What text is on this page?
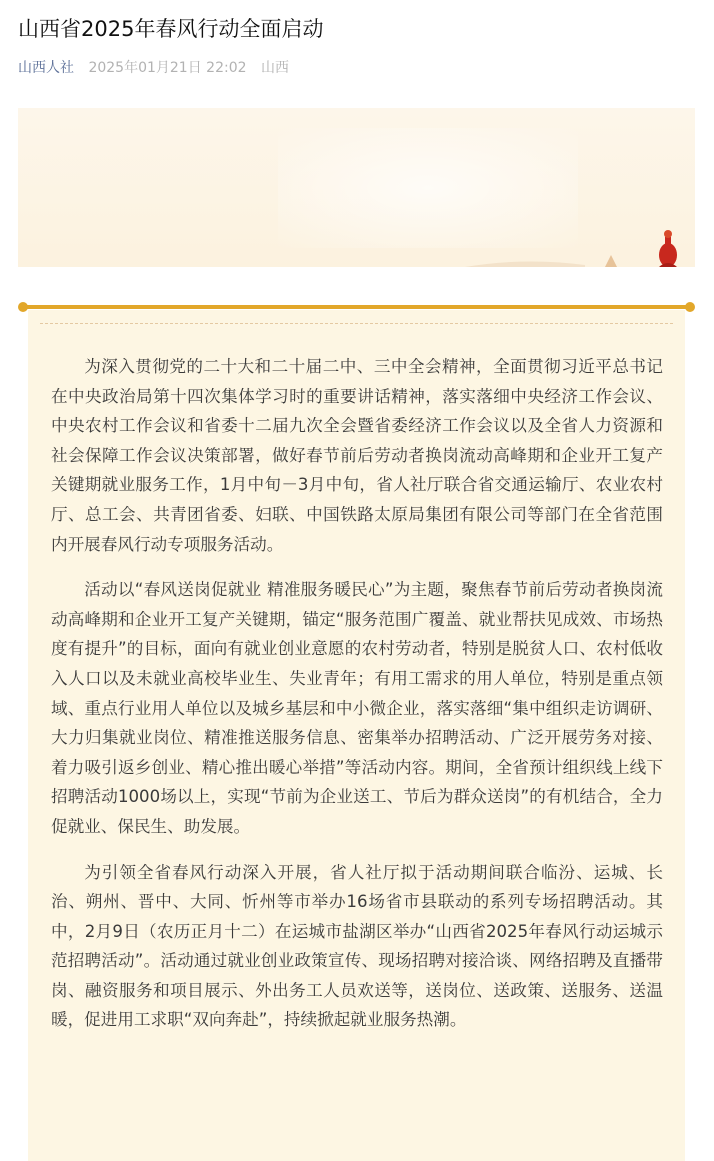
山西省2025年春风行动全面启动
山西人社 2025年01月21日 22:02 山西

为深入贯彻党的二十大和二十届二中、三中全会精神，全面贯彻习近平总书记在中央政治局第十四次集体学习时的重要讲话精神，落实落细中央经济工作会议、中央农村工作会议和省委十二届九次全会暨省委经济工作会议以及全省人力资源和社会保障工作会议决策部署，做好春节前后劳动者换岗流动高峰期和企业开工复产关键期就业服务工作，1月中旬－3月中旬，省人社厅联合省交通运输厅、农业农村厅、总工会、共青团省委、妇联、中国铁路太原局集团有限公司等部门在全省范围内开展春风行动专项服务活动。

活动以“春风送岗促就业 精准服务暖民心”为主题，聚焦春节前后劳动者换岗流动高峰期和企业开工复产关键期，锚定“服务范围广覆盖、就业帮扶见成效、市场热度有提升”的目标，面向有就业创业意愿的农村劳动者，特别是脱贫人口、农村低收入人口以及未就业高校毕业生、失业青年；有用工需求的用人单位，特别是重点领域、重点行业用人单位以及城乡基层和中小微企业，落实落细“集中组织走访调研、大力归集就业岗位、精准推送服务信息、密集举办招聘活动、广泛开展劳务对接、着力吸引返乡创业、精心推出暖心举措”等活动内容。期间，全省预计组织线上线下招聘活动1000场以上，实现“节前为企业送工、节后为群众送岗”的有机结合，全力促就业、保民生、助发展。

为引领全省春风行动深入开展，省人社厅拟于活动期间联合临汾、运城、长治、朔州、晋中、大同、忻州等市举办16场省市县联动的系列专场招聘活动。其中，2月9日（农历正月十二）在运城市盐湖区举办“山西省2025年春风行动运城示范招聘活动”。活动通过就业创业政策宣传、现场招聘对接洽谈、网络招聘及直播带岗、融资服务和项目展示、外出务工人员欢送等，送岗位、送政策、送服务、送温暖，促进用工求职“双向奔赴”，持续掀起就业服务热潮。
